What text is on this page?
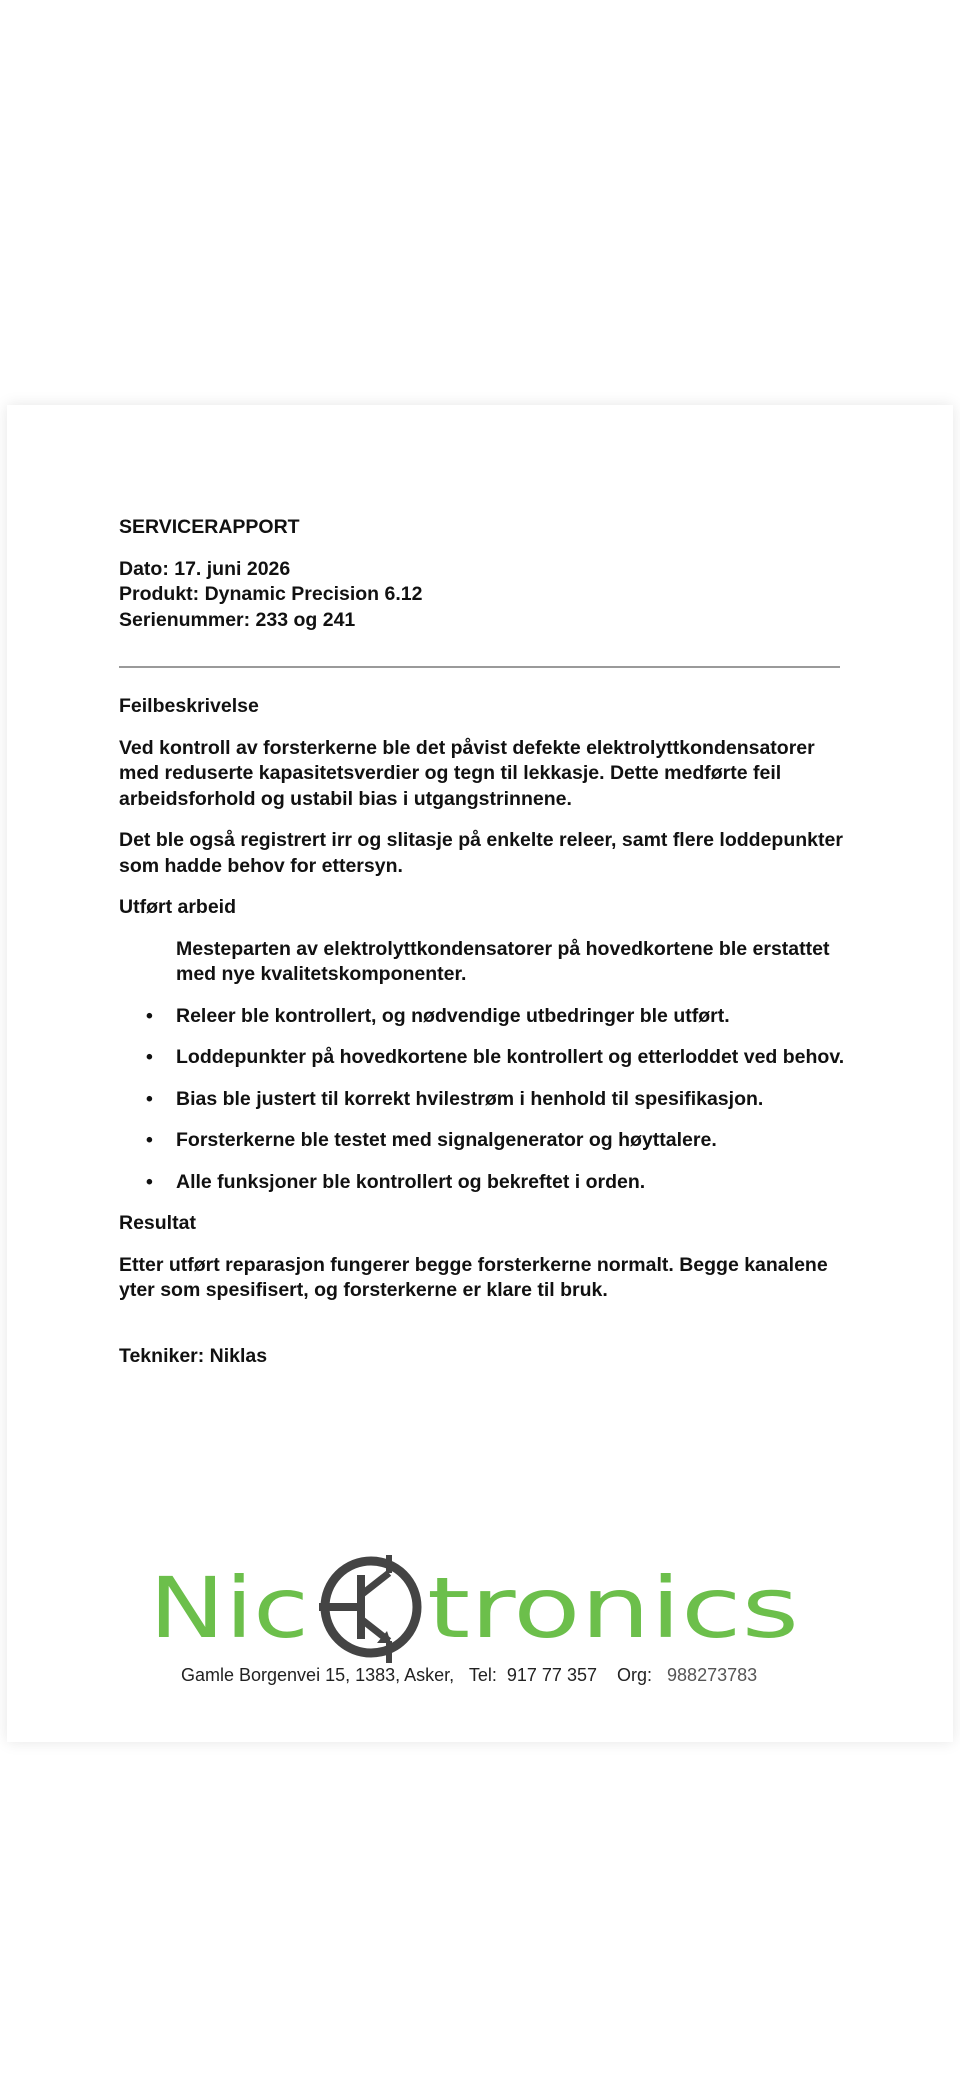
SERVICERAPPORT
Dato: 17. juni 2026
Produkt: Dynamic Precision 6.12
Serienummer: 233 og 241
Feilbeskrivelse
Ved kontroll av forsterkerne ble det påvist defekte elektrolyttkondensatorer med reduserte kapasitetsverdier og tegn til lekkasje. Dette medførte feil arbeidsforhold og ustabil bias i utgangstrinnene.
Det ble også registrert irr og slitasje på enkelte releer, samt flere loddepunkter som hadde behov for ettersyn.
Utført arbeid
Mesteparten av elektrolyttkondensatorer på hovedkortene ble erstattet med nye kvalitetskomponenter.
• Releer ble kontrollert, og nødvendige utbedringer ble utført.
• Loddepunkter på hovedkortene ble kontrollert og etterloddet ved behov.
• Bias ble justert til korrekt hvilestrøm i henhold til spesifikasjon.
• Forsterkerne ble testet med signalgenerator og høyttalere.
• Alle funksjoner ble kontrollert og bekreftet i orden.
Resultat
Etter utført reparasjon fungerer begge forsterkerne normalt. Begge kanalene yter som spesifisert, og forsterkerne er klare til bruk.
Tekniker: Niklas
Nic tronics
Gamle Borgenvei 15, 1383, Asker, Tel: 917 77 357 Org: 988273783
